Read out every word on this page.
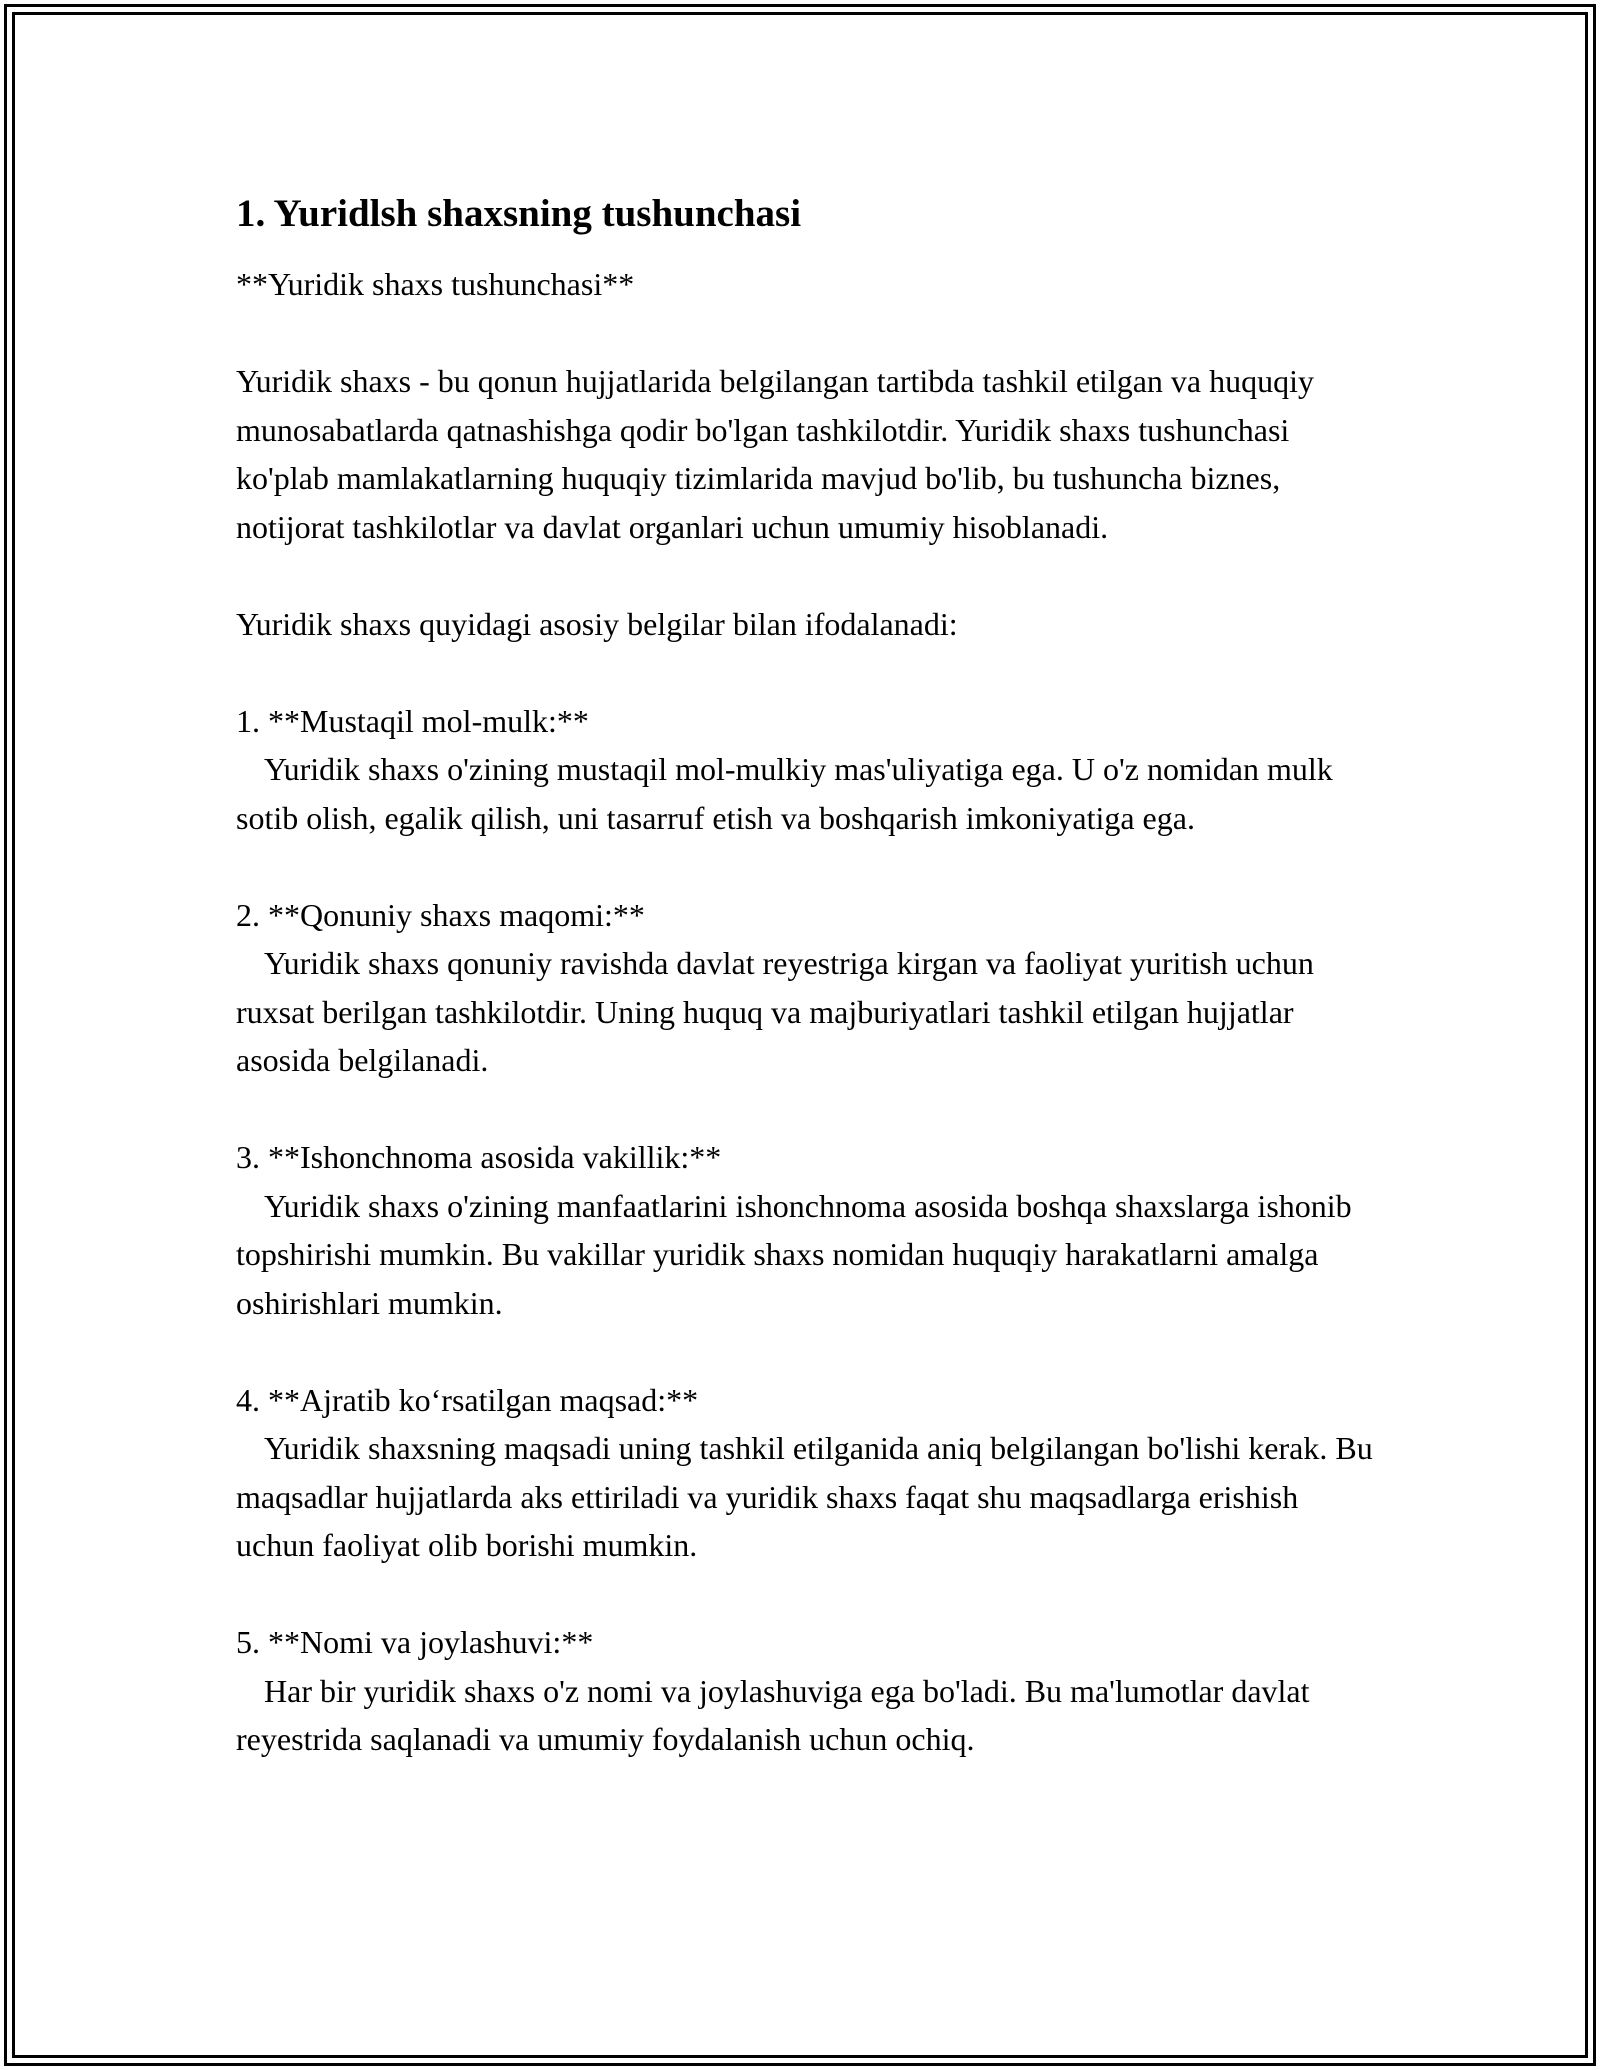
1. Yuridlsh shaxsning tushunchasi

**Yuridik shaxs tushunchasi**

Yuridik shaxs - bu qonun hujjatlarida belgilangan tartibda tashkil etilgan va huquqiy munosabatlarda qatnashishga qodir bo'lgan tashkilotdir. Yuridik shaxs tushunchasi ko'plab mamlakatlarning huquqiy tizimlarida mavjud bo'lib, bu tushuncha biznes, notijorat tashkilotlar va davlat organlari uchun umumiy hisoblanadi.

Yuridik shaxs quyidagi asosiy belgilar bilan ifodalanadi:

1. **Mustaqil mol-mulk:**

Yuridik shaxs o'zining mustaqil mol-mulkiy mas'uliyatiga ega. U o'z nomidan mulk sotib olish, egalik qilish, uni tasarruf etish va boshqarish imkoniyatiga ega.

2. **Qonuniy shaxs maqomi:**

Yuridik shaxs qonuniy ravishda davlat reyestriga kirgan va faoliyat yuritish uchun ruxsat berilgan tashkilotdir. Uning huquq va majburiyatlari tashkil etilgan hujjatlar asosida belgilanadi.

3. **Ishonchnoma asosida vakillik:**

Yuridik shaxs o'zining manfaatlarini ishonchnoma asosida boshqa shaxslarga ishonib topshirishi mumkin. Bu vakillar yuridik shaxs nomidan huquqiy harakatlarni amalga oshirishlari mumkin.

4. **Ajratib ko‘rsatilgan maqsad:**

Yuridik shaxsning maqsadi uning tashkil etilganida aniq belgilangan bo'lishi kerak. Bu maqsadlar hujjatlarda aks ettiriladi va yuridik shaxs faqat shu maqsadlarga erishish uchun faoliyat olib borishi mumkin.

5. **Nomi va joylashuvi:**

Har bir yuridik shaxs o'z nomi va joylashuviga ega bo'ladi. Bu ma'lumotlar davlat reyestrida saqlanadi va umumiy foydalanish uchun ochiq.
